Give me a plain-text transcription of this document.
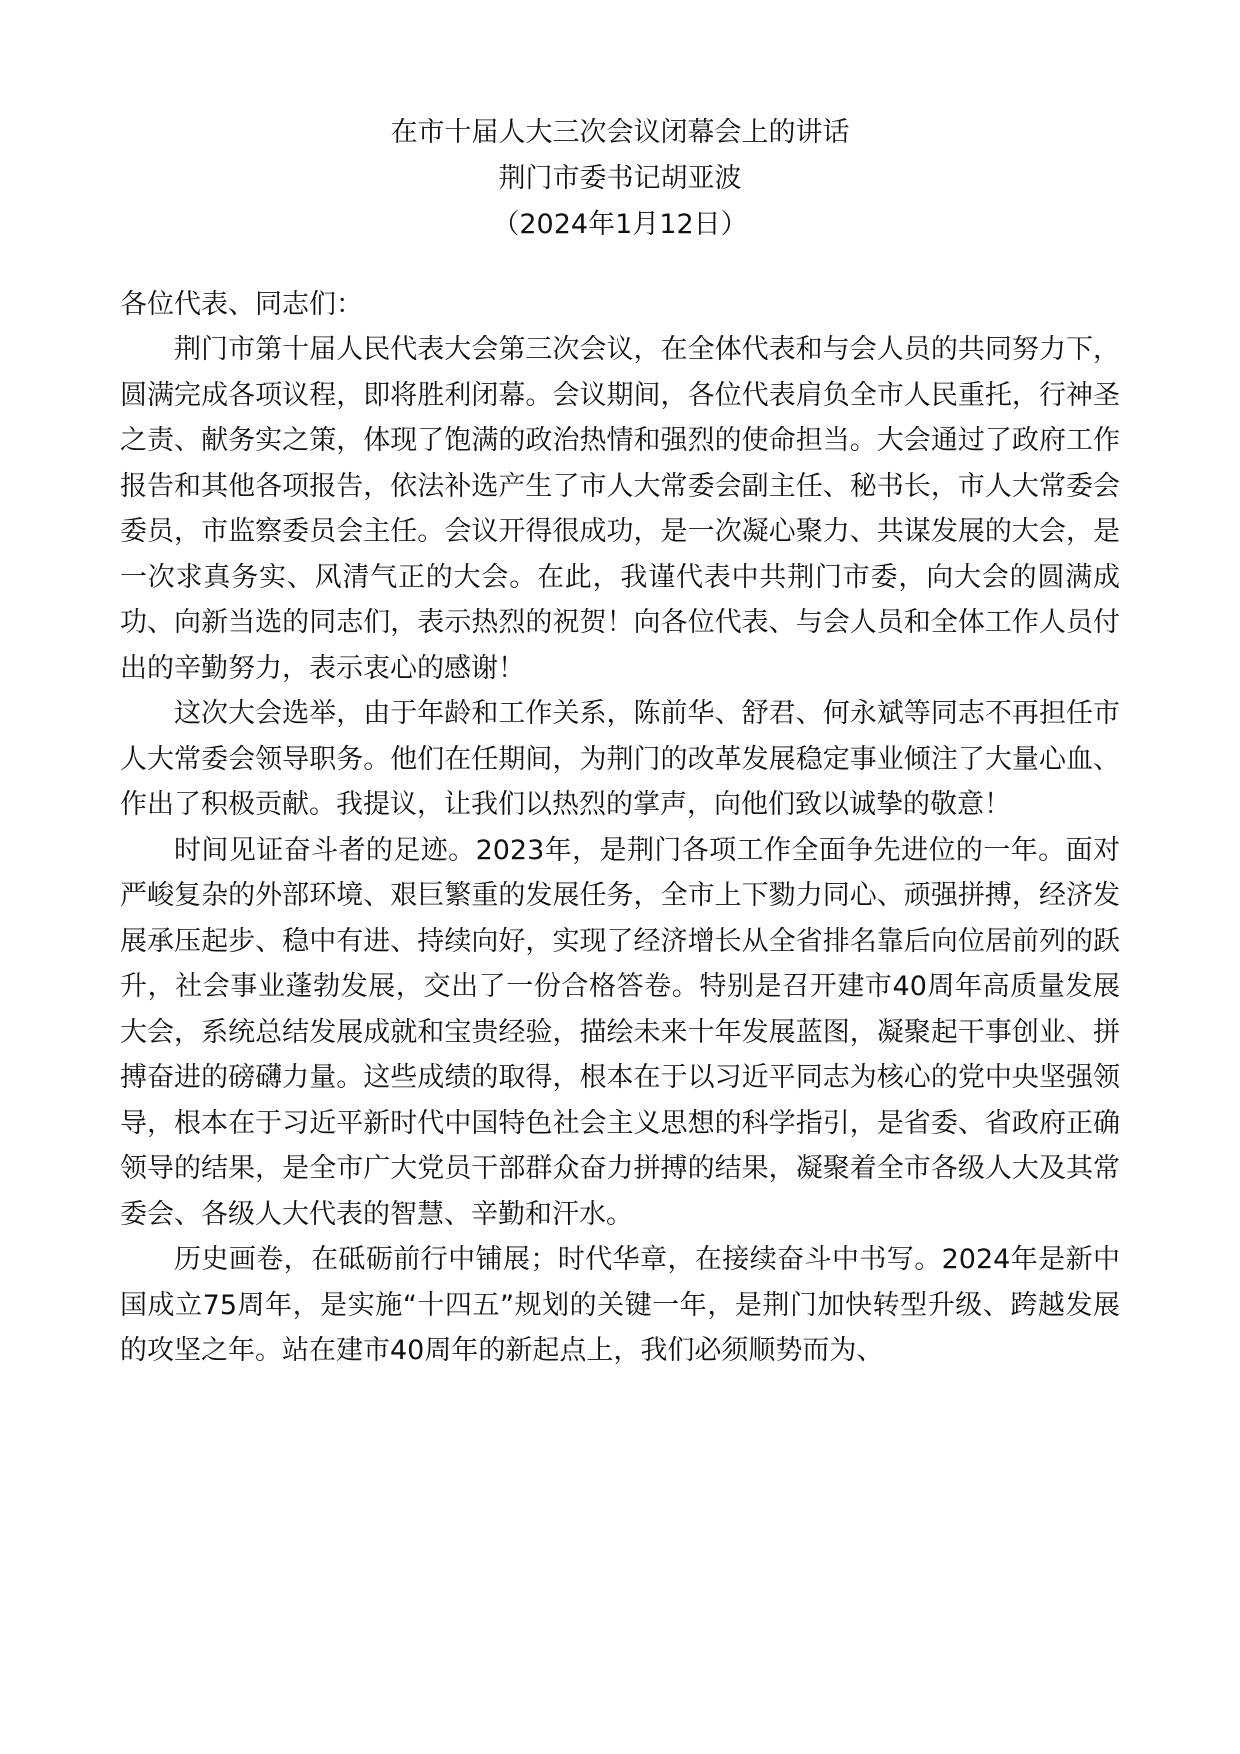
在市十届人大三次会议闭幕会上的讲话
荆门市委书记胡亚波
（2024年1月12日）

各位代表、同志们：

荆门市第十届人民代表大会第三次会议，在全体代表和与会人员的共同努力下，圆满完成各项议程，即将胜利闭幕。会议期间，各位代表肩负全市人民重托，行神圣之责、献务实之策，体现了饱满的政治热情和强烈的使命担当。大会通过了政府工作报告和其他各项报告，依法补选产生了市人大常委会副主任、秘书长，市人大常委会委员，市监察委员会主任。会议开得很成功，是一次凝心聚力、共谋发展的大会，是一次求真务实、风清气正的大会。在此，我谨代表中共荆门市委，向大会的圆满成功、向新当选的同志们，表示热烈的祝贺！向各位代表、与会人员和全体工作人员付出的辛勤努力，表示衷心的感谢！

这次大会选举，由于年龄和工作关系，陈前华、舒君、何永斌等同志不再担任市人大常委会领导职务。他们在任期间，为荆门的改革发展稳定事业倾注了大量心血、作出了积极贡献。我提议，让我们以热烈的掌声，向他们致以诚挚的敬意！

时间见证奋斗者的足迹。2023年，是荆门各项工作全面争先进位的一年。面对严峻复杂的外部环境、艰巨繁重的发展任务，全市上下勠力同心、顽强拼搏，经济发展承压起步、稳中有进、持续向好，实现了经济增长从全省排名靠后向位居前列的跃升，社会事业蓬勃发展，交出了一份合格答卷。特别是召开建市40周年高质量发展大会，系统总结发展成就和宝贵经验，描绘未来十年发展蓝图，凝聚起干事创业、拼搏奋进的磅礴力量。这些成绩的取得，根本在于以习近平同志为核心的党中央坚强领导，根本在于习近平新时代中国特色社会主义思想的科学指引，是省委、省政府正确领导的结果，是全市广大党员干部群众奋力拼搏的结果，凝聚着全市各级人大及其常委会、各级人大代表的智慧、辛勤和汗水。

历史画卷，在砥砺前行中铺展；时代华章，在接续奋斗中书写。2024年是新中国成立75周年，是实施“十四五”规划的关键一年，是荆门加快转型升级、跨越发展的攻坚之年。站在建市40周年的新起点上，我们必须顺势而为、
